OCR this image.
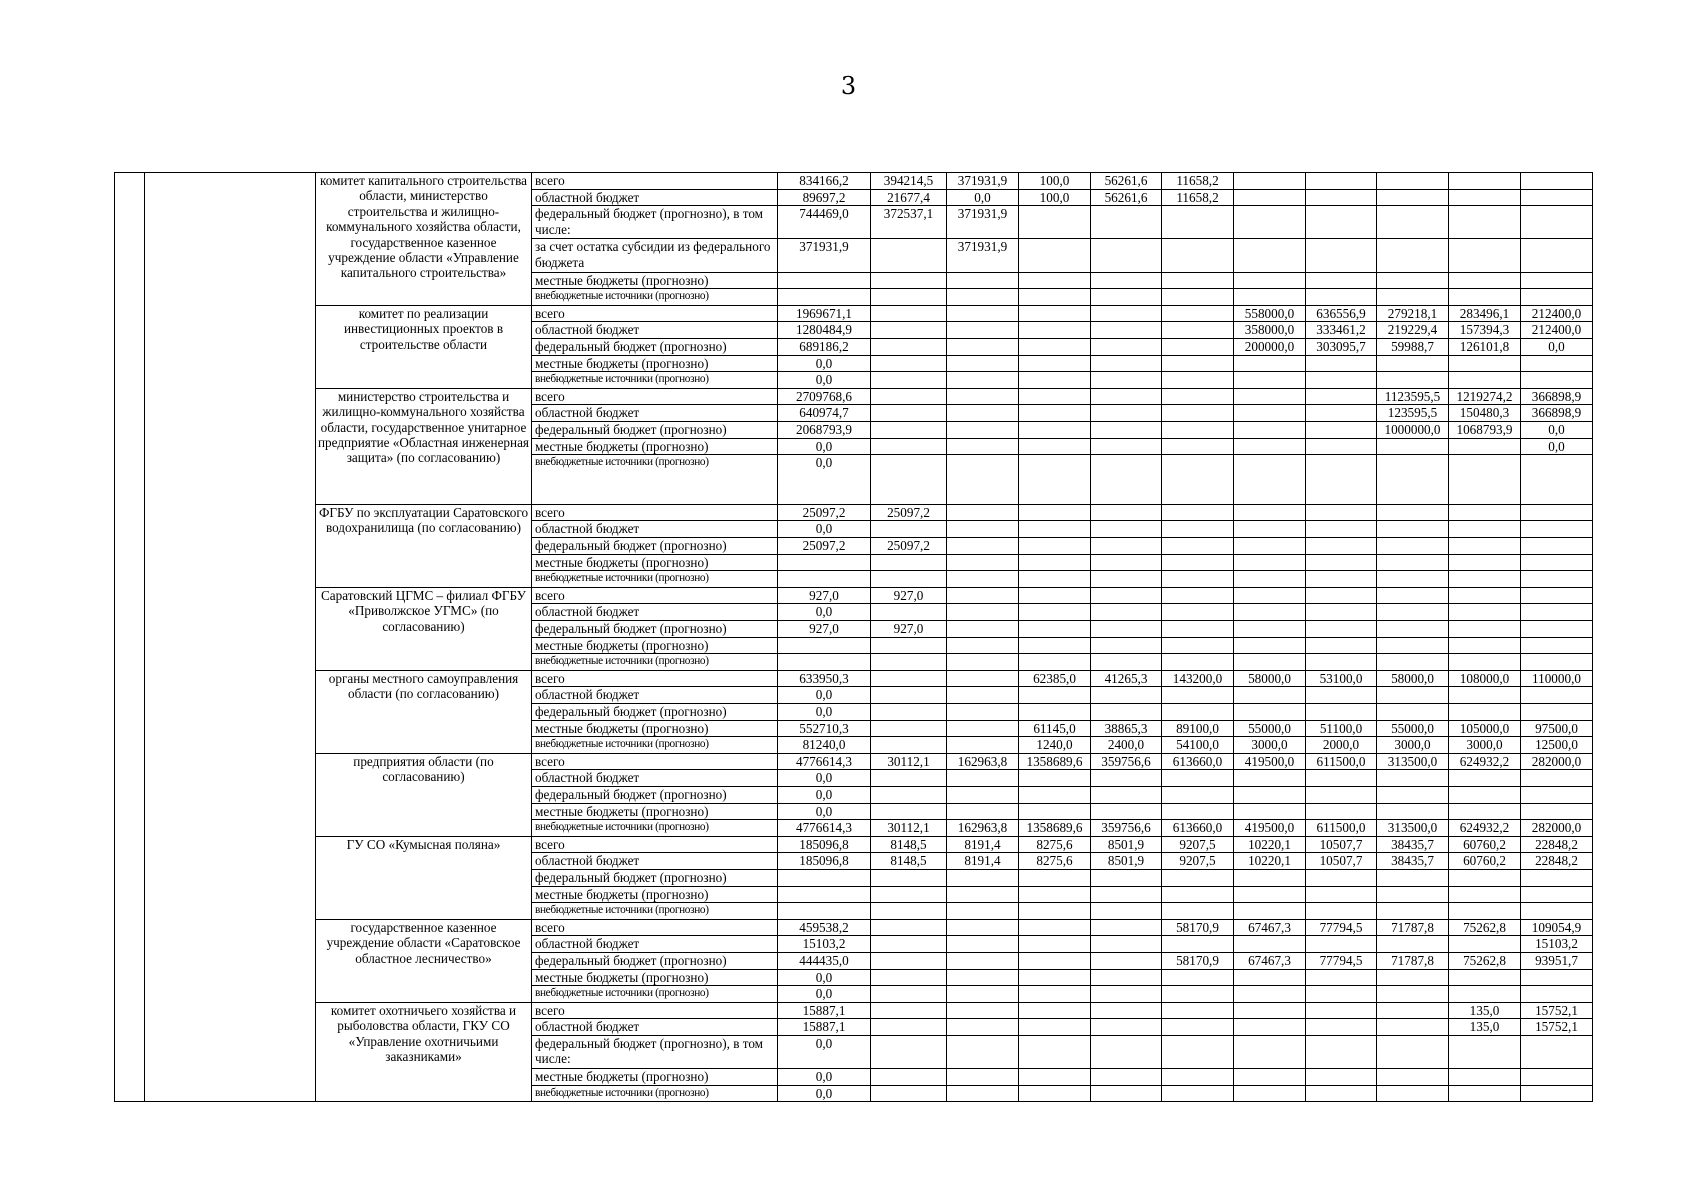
3
		комитет капитального строительства области, министерство строительства и жилищно-коммунального хозяйства области, государственное казенное учреждение области «Управление капитального строительства»	всего	834166,2	394214,5	371931,9	100,0	56261,6	11658,2					
			областной бюджет	89697,2	21677,4	0,0	100,0	56261,6	11658,2					
			федеральный бюджет (прогнозно), в том числе:	744469,0	372537,1	371931,9								
			за счет остатка субсидии из федерального бюджета	371931,9		371931,9								
			местные бюджеты (прогнозно)											
			внебюджетные источники (прогнозно)											
		комитет по реализации инвестиционных проектов в строительстве области	всего	1969671,1						558000,0	636556,9	279218,1	283496,1	212400,0
			областной бюджет	1280484,9						358000,0	333461,2	219229,4	157394,3	212400,0
			федеральный бюджет (прогнозно)	689186,2						200000,0	303095,7	59988,7	126101,8	0,0
			местные бюджеты (прогнозно)	0,0										
			внебюджетные источники (прогнозно)	0,0										
		министерство строительства и жилищно-коммунального хозяйства области, государственное унитарное предприятие «Областная инженерная защита» (по согласованию)	всего	2709768,6								1123595,5	1219274,2	366898,9
			областной бюджет	640974,7								123595,5	150480,3	366898,9
			федеральный бюджет (прогнозно)	2068793,9								1000000,0	1068793,9	0,0
			местные бюджеты (прогнозно)	0,0										0,0
			внебюджетные источники (прогнозно)	0,0										
		ФГБУ по эксплуатации Саратовского водохранилища (по согласованию)	всего	25097,2	25097,2									
			областной бюджет	0,0										
			федеральный бюджет (прогнозно)	25097,2	25097,2									
			местные бюджеты (прогнозно)											
			внебюджетные источники (прогнозно)											
		Саратовский ЦГМС – филиал ФГБУ «Приволжское УГМС» (по согласованию)	всего	927,0	927,0									
			областной бюджет	0,0										
			федеральный бюджет (прогнозно)	927,0	927,0									
			местные бюджеты (прогнозно)											
			внебюджетные источники (прогнозно)											
		органы местного самоуправления области (по согласованию)	всего	633950,3			62385,0	41265,3	143200,0	58000,0	53100,0	58000,0	108000,0	110000,0
			областной бюджет	0,0										
			федеральный бюджет (прогнозно)	0,0										
			местные бюджеты (прогнозно)	552710,3			61145,0	38865,3	89100,0	55000,0	51100,0	55000,0	105000,0	97500,0
			внебюджетные источники (прогнозно)	81240,0			1240,0	2400,0	54100,0	3000,0	2000,0	3000,0	3000,0	12500,0
		предприятия области (по согласованию)	всего	4776614,3	30112,1	162963,8	1358689,6	359756,6	613660,0	419500,0	611500,0	313500,0	624932,2	282000,0
			областной бюджет	0,0										
			федеральный бюджет (прогнозно)	0,0										
			местные бюджеты (прогнозно)	0,0										
			внебюджетные источники (прогнозно)	4776614,3	30112,1	162963,8	1358689,6	359756,6	613660,0	419500,0	611500,0	313500,0	624932,2	282000,0
		ГУ СО «Кумысная поляна»	всего	185096,8	8148,5	8191,4	8275,6	8501,9	9207,5	10220,1	10507,7	38435,7	60760,2	22848,2
			областной бюджет	185096,8	8148,5	8191,4	8275,6	8501,9	9207,5	10220,1	10507,7	38435,7	60760,2	22848,2
			федеральный бюджет (прогнозно)											
			местные бюджеты (прогнозно)											
			внебюджетные источники (прогнозно)											
		государственное казенное учреждение области «Саратовское областное лесничество»	всего	459538,2					58170,9	67467,3	77794,5	71787,8	75262,8	109054,9
			областной бюджет	15103,2										15103,2
			федеральный бюджет (прогнозно)	444435,0					58170,9	67467,3	77794,5	71787,8	75262,8	93951,7
			местные бюджеты (прогнозно)	0,0										
			внебюджетные источники (прогнозно)	0,0										
		комитет охотничьего хозяйства и рыболовства области, ГКУ СО «Управление охотничьими заказниками»	всего	15887,1									135,0	15752,1
			областной бюджет	15887,1									135,0	15752,1
			федеральный бюджет (прогнозно), в том числе:	0,0										
			местные бюджеты (прогнозно)	0,0										
			внебюджетные источники (прогнозно)	0,0										
